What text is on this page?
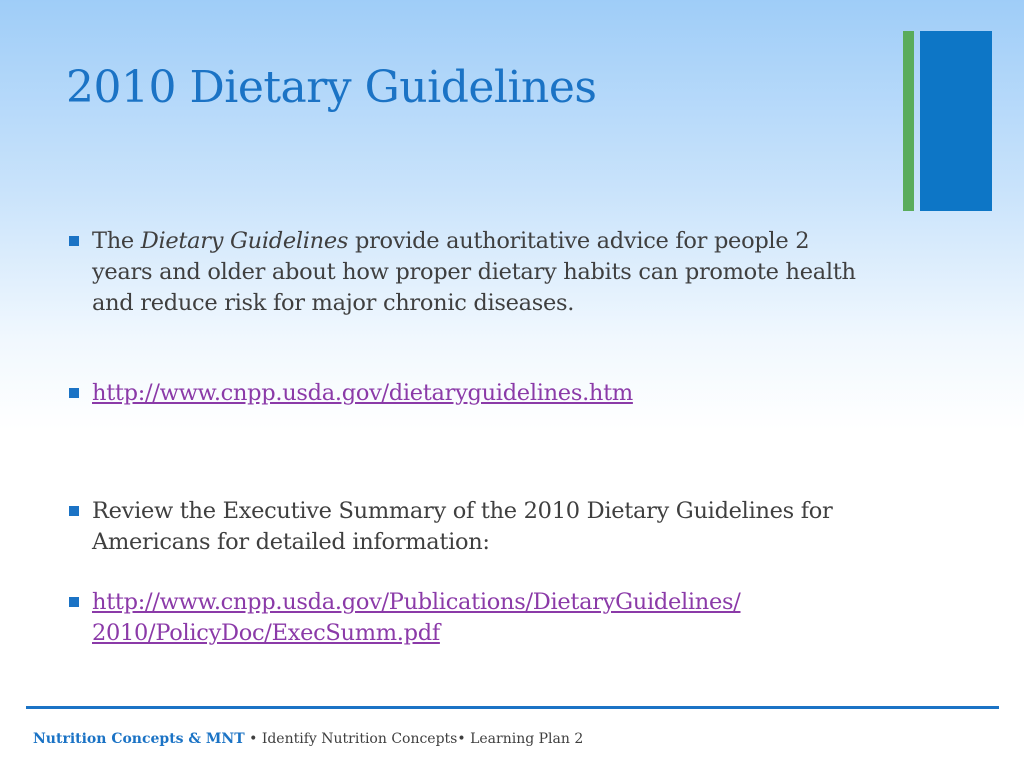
2010 Dietary Guidelines
The Dietary Guidelines provide authoritative advice for people 2 years and older about how proper dietary habits can promote health and reduce risk for major chronic diseases.
http://www.cnpp.usda.gov/dietaryguidelines.htm
Review the Executive Summary of the 2010 Dietary Guidelines for Americans for detailed information:
http://www.cnpp.usda.gov/Publications/DietaryGuidelines/
2010/PolicyDoc/ExecSumm.pdf
Nutrition Concepts & MNT • Identify Nutrition Concepts• Learning Plan 2
